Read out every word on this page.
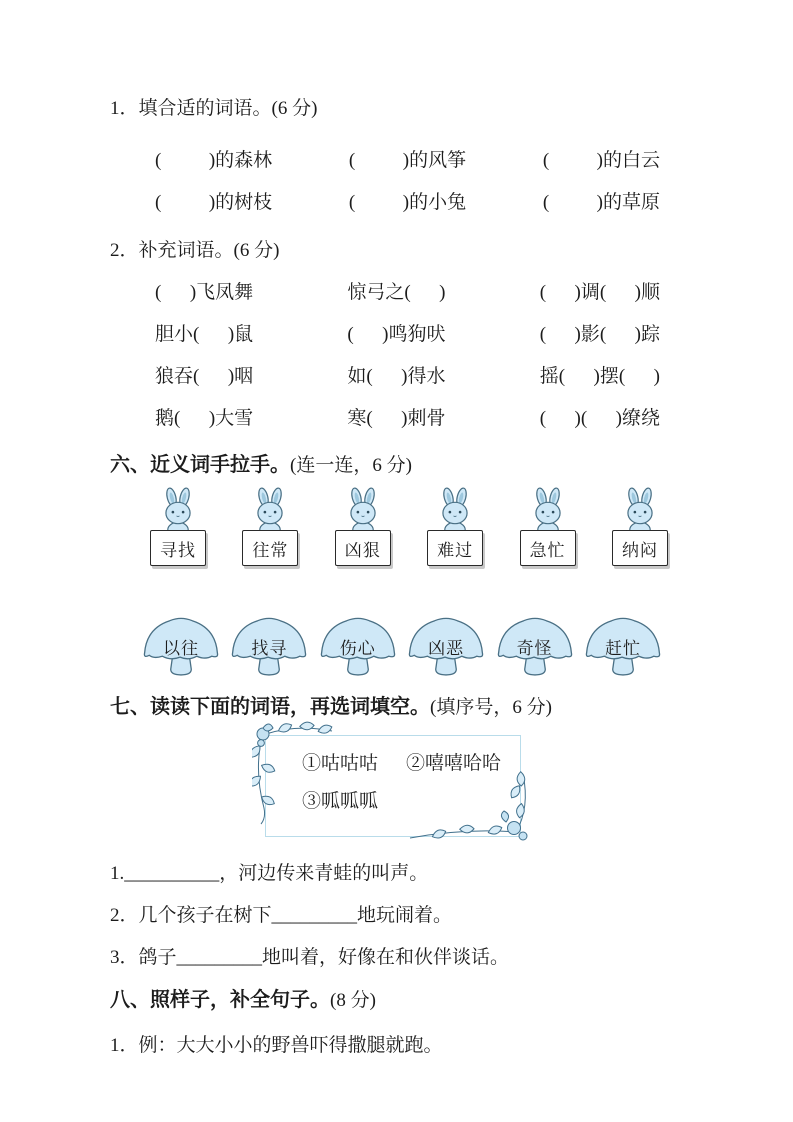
1．填合适的词语。(6 分)
(          )的森林	(          )的风筝	(          )的白云
(          )的树枝	(          )的小兔	(          )的草原
2．补充词语。(6 分)
(      )飞凤舞	惊弓之(      )	(      )调(      )顺
胆小(      )鼠	(      )鸣狗吠	(      )影(      )踪
狼吞(      )咽	如(      )得水	摇(      )摆(      )
鹅(      )大雪	寒(      )刺骨	(      )(      )缭绕
六、近义词手拉手。(连一连，6 分)
寻找	往常	凶狠	难过	急忙	纳闷
以往	找寻	伤心	凶恶	奇怪	赶忙
七、读读下面的词语，再选词填空。(填序号，6 分)
①咕咕咕 ②嘻嘻哈哈
③呱呱呱
1.__________，河边传来青蛙的叫声。
2．几个孩子在树下_________地玩闹着。
3．鸽子_________地叫着，好像在和伙伴谈话。
八、照样子，补全句子。(8 分)
1．例：大大小小的野兽吓得撒腿就跑。
